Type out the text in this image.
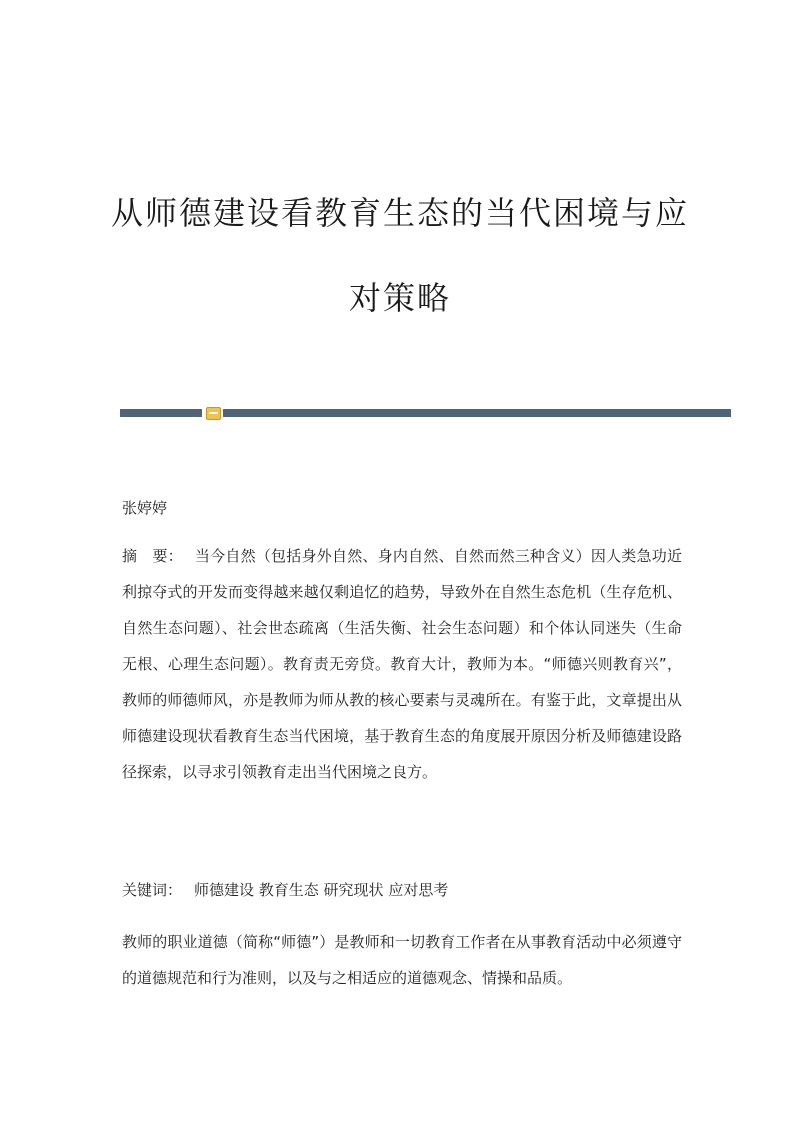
从师德建设看教育生态的当代困境与应
对策略
张婷婷
摘　要： 当今自然（包括身外自然、身内自然、自然而然三种含义）因人类急功近利掠夺式的开发而变得越来越仅剩追忆的趋势，导致外在自然生态危机（生存危机、自然生态问题）、社会世态疏离（生活失衡、社会生态问题）和个体认同迷失（生命无根、心理生态问题）。教育责无旁贷。教育大计，教师为本。“师德兴则教育兴”，教师的师德师风，亦是教师为师从教的核心要素与灵魂所在。有鉴于此，文章提出从师德建设现状看教育生态当代困境，基于教育生态的角度展开原因分析及师德建设路径探索，以寻求引领教育走出当代困境之良方。
关键词： 师德建设 教育生态 研究现状 应对思考
教师的职业道德（简称“师德”）是教师和一切教育工作者在从事教育活动中必须遵守的道德规范和行为准则，以及与之相适应的道德观念、情操和品质。
